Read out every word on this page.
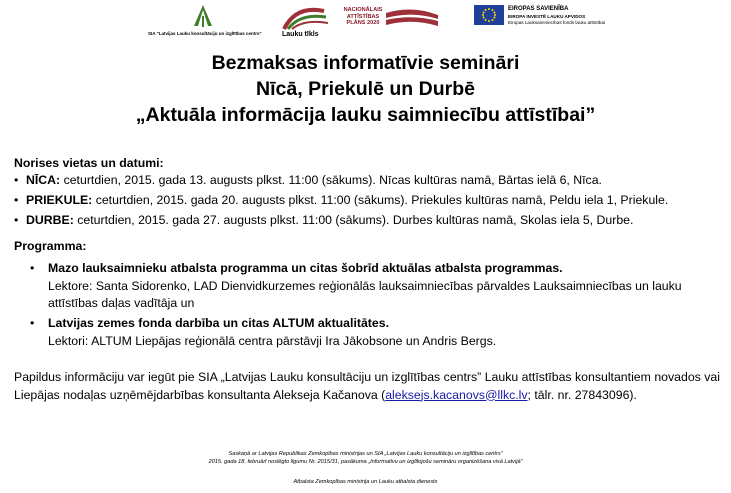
SIA "Latvijas Lauku konsultāciju un izglītības centrs"	Lauku tīkls
NACIONĀLAIS ATTĪSTĪBAS PLĀNS 2020
EIROPAS SAVIENĪBA
EIROPA INVESTĒ LAUKU APVIDOS
Eiropas Lauksaimniecības fonds lauku attīstībai
Bezmaksas informatīvie semināri
Nīcā, Priekulē un Durbē
„Aktuāla informācija lauku saimniecību attīstībai”
Norises vietas un datumi:
• NĪCA: ceturtdien, 2015. gada 13. augusts plkst. 11:00 (sākums). Nīcas kultūras namā, Bārtas ielā 6, Nīca.
• PRIEKULE: ceturtdien, 2015. gada 20. augusts plkst. 11:00 (sākums). Priekules kultūras namā, Peldu iela 1, Priekule.
• DURBE: ceturtdien, 2015. gada 27. augusts plkst. 11:00 (sākums). Durbes kultūras namā, Skolas iela 5, Durbe.
Programma:
• Mazo lauksaimnieku atbalsta programma un citas šobrīd aktuālas atbalsta programmas.
Lektore: Santa Sidorenko, LAD Dienvidkurzemes reģionālās lauksaimniecības pārvaldes Lauksaimniecības un lauku attīstības daļas vadītāja un
• Latvijas zemes fonda darbība un citas ALTUM aktualitātes.
Lektori: ALTUM Liepājas reģionālā centra pārstāvji Ira Jākobsone un Andris Bergs.
Papildus informāciju var iegūt pie SIA „Latvijas Lauku konsultāciju un izglītības centrs” Lauku attīstības konsultantiem novados vai Liepājas nodaļas uzņēmējdarbības konsultanta Alekseja Kačanova (aleksejs.kacanovs@llkc.lv; tālr. nr. 27843096).
Saskaņā ar Latvijas Republikas Zemkopības ministrijas un SIA „Latvijas Lauku konsultāciju un izglītības centrs”
2015. gada 18. februārī noslēgto līgumu Nr. 2015/31, pasākuma „Informatīvu un izglītojošu semināru organizēšana visā Latvijā”
Atbalsta Zemkopības ministrija un Lauku atbalsta dienests
